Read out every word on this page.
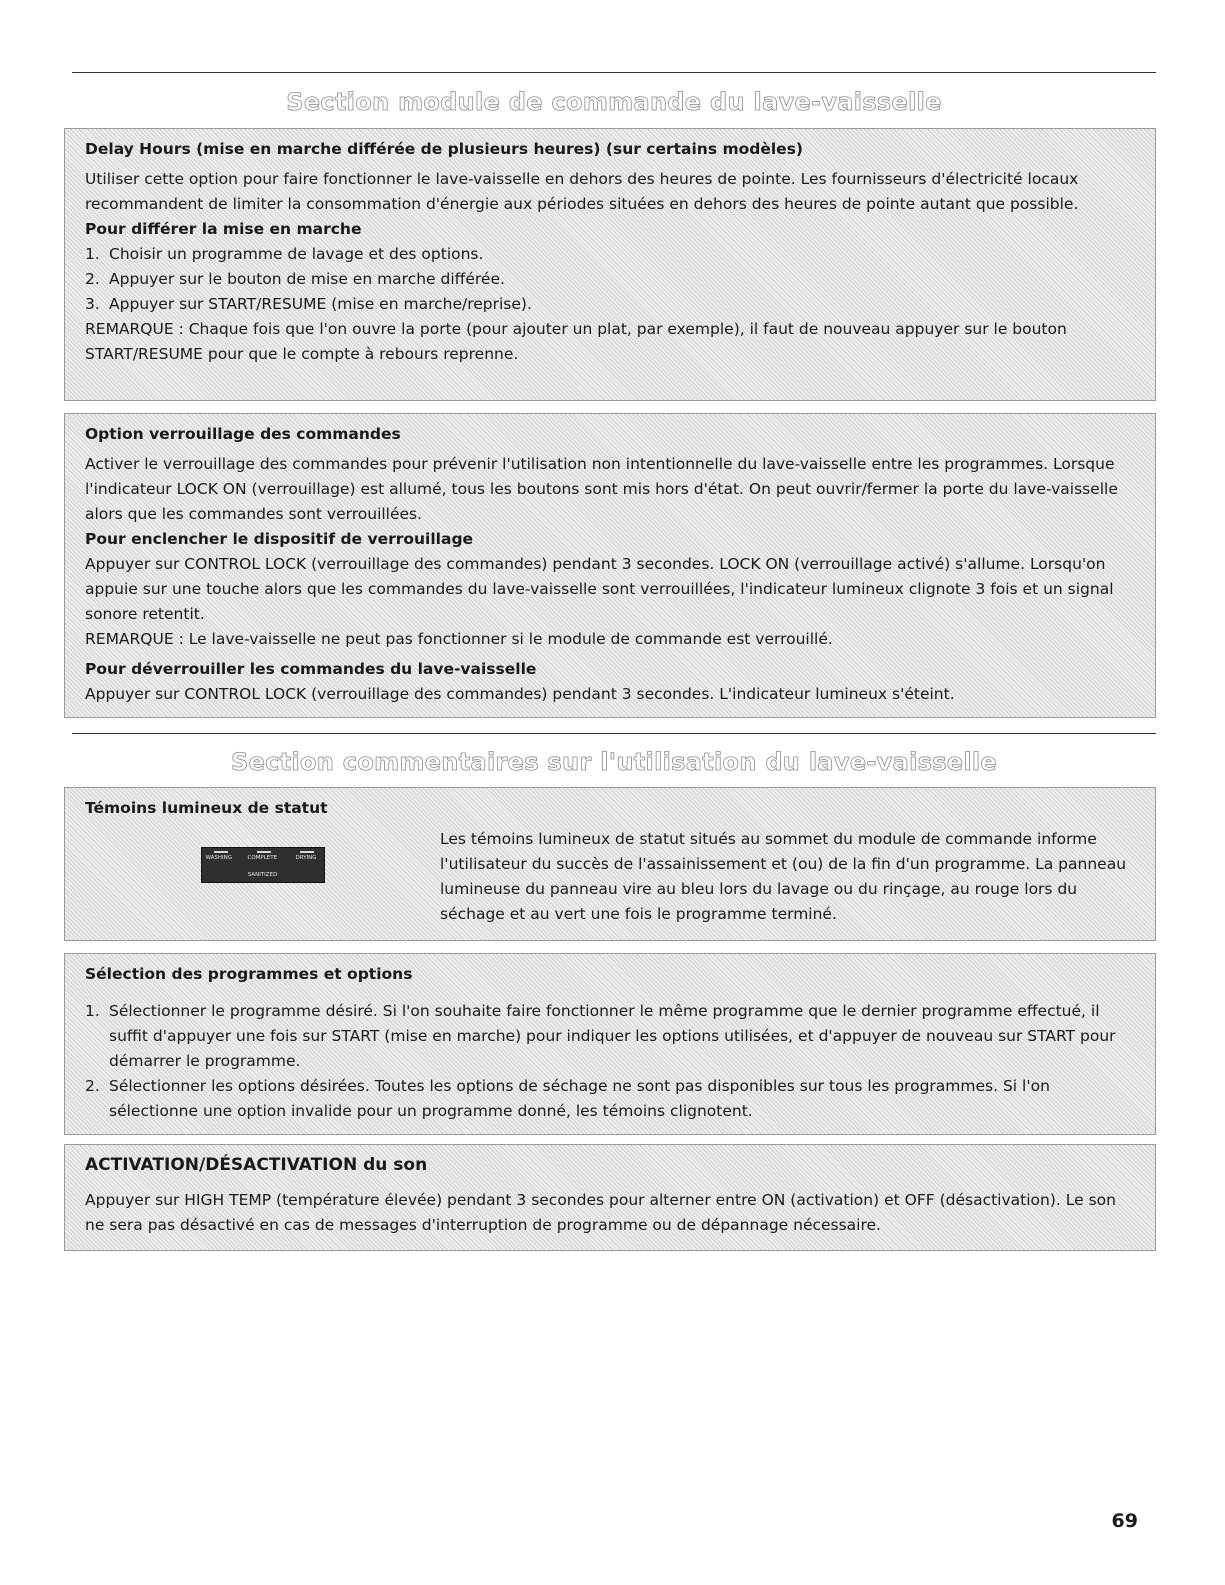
Section module de commande du lave-vaisselle
Delay Hours (mise en marche différée de plusieurs heures) (sur certains modèles)

Utiliser cette option pour faire fonctionner le lave-vaisselle en dehors des heures de pointe. Les fournisseurs d'électricité locaux recommandent de limiter la consommation d'énergie aux périodes situées en dehors des heures de pointe autant que possible.

Pour différer la mise en marche

1. Choisir un programme de lavage et des options.
2. Appuyer sur le bouton de mise en marche différée.
3. Appuyer sur START/RESUME (mise en marche/reprise).

REMARQUE : Chaque fois que l'on ouvre la porte (pour ajouter un plat, par exemple), il faut de nouveau appuyer sur le bouton START/RESUME pour que le compte à rebours reprenne.

Option verrouillage des commandes

Activer le verrouillage des commandes pour prévenir l'utilisation non intentionnelle du lave-vaisselle entre les programmes. Lorsque l'indicateur LOCK ON (verrouillage) est allumé, tous les boutons sont mis hors d'état. On peut ouvrir/fermer la porte du lave-vaisselle alors que les commandes sont verrouillées.

Pour enclencher le dispositif de verrouillage

Appuyer sur CONTROL LOCK (verrouillage des commandes) pendant 3 secondes. LOCK ON (verrouillage activé) s'allume. Lorsqu'on appuie sur une touche alors que les commandes du lave-vaisselle sont verrouillées, l'indicateur lumineux clignote 3 fois et un signal sonore retentit.

REMARQUE : Le lave-vaisselle ne peut pas fonctionner si le module de commande est verrouillé.

Pour déverrouiller les commandes du lave-vaisselle

Appuyer sur CONTROL LOCK (verrouillage des commandes) pendant 3 secondes. L'indicateur lumineux s'éteint.

Section commentaires sur l'utilisation du lave-vaisselle
Témoins lumineux de statut
WASHING	COMPLETE	DRYING
SANITIZED

Les témoins lumineux de statut situés au sommet du module de commande informe l'utilisateur du succès de l'assainissement et (ou) de la fin d'un programme. La panneau lumineuse du panneau vire au bleu lors du lavage ou du rinçage, au rouge lors du séchage et au vert une fois le programme terminé.

Sélection des programmes et options
1. Sélectionner le programme désiré. Si l'on souhaite faire fonctionner le même programme que le dernier programme effectué, il suffit d'appuyer une fois sur START (mise en marche) pour indiquer les options utilisées, et d'appuyer de nouveau sur START pour démarrer le programme.
2. Sélectionner les options désirées. Toutes les options de séchage ne sont pas disponibles sur tous les programmes. Si l'on sélectionne une option invalide pour un programme donné, les témoins clignotent.
ACTIVATION/DÉSACTIVATION du son

Appuyer sur HIGH TEMP (température élevée) pendant 3 secondes pour alterner entre ON (activation) et OFF (désactivation). Le son ne sera pas désactivé en cas de messages d'interruption de programme ou de dépannage nécessaire.

69
